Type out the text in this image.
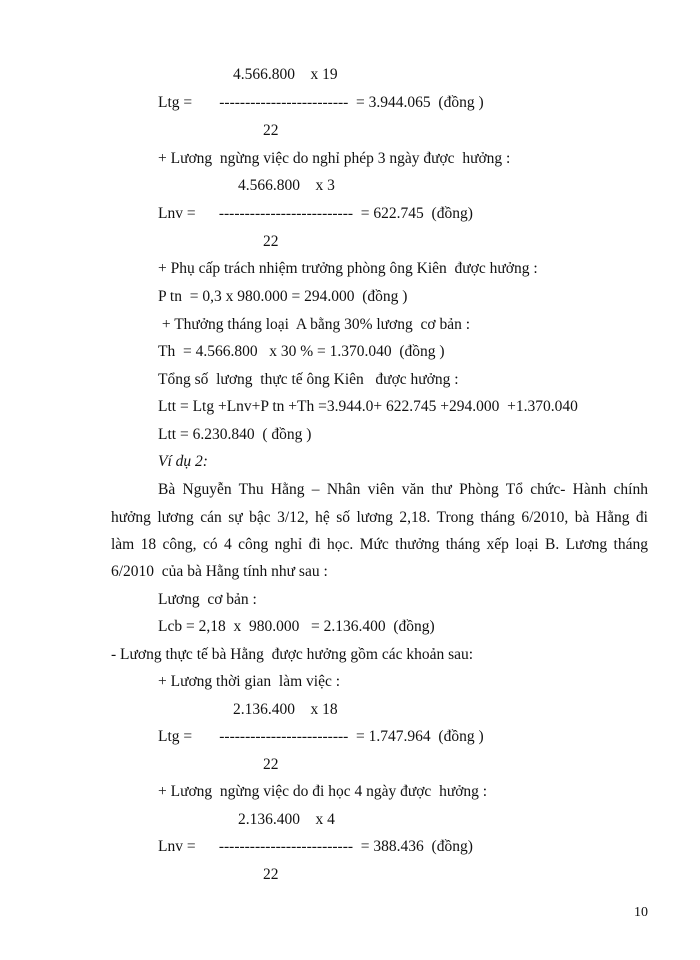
4.566.800    x 19
Ltg =       -------------------------  = 3.944.065  (đồng )
22
+ Lương  ngừng việc do nghỉ phép 3 ngày được  hưởng :
4.566.800    x 3
Lnv =      --------------------------  = 622.745  (đồng)
22
+ Phụ cấp trách nhiệm trưởng phòng ông Kiên  được hưởng :
P tn  = 0,3 x 980.000 = 294.000  (đồng )
+ Thưởng tháng loại  A bằng 30% lương  cơ bản :
Th  = 4.566.800   x 30 % = 1.370.040  (đồng )
Tổng số  lương  thực tế ông Kiên   được hưởng :
Ltt = Ltg +Lnv+P tn +Th =3.944.0+ 622.745 +294.000  +1.370.040
Ltt = 6.230.840  ( đồng )
Ví dụ 2:
Bà Nguyễn Thu Hằng – Nhân viên văn thư Phòng Tổ chức- Hành chính
hưởng lương cán sự bậc 3/12, hệ số lương 2,18. Trong tháng 6/2010, bà Hằng đi
làm 18 công, có 4 công nghỉ đi học. Mức thưởng tháng xếp loại B. Lương tháng
6/2010  của bà Hằng tính như sau :
Lương  cơ bản :
Lcb = 2,18  x  980.000   = 2.136.400  (đồng)
- Lương thực tế bà Hằng  được hưởng gồm các khoản sau:
+ Lương thời gian  làm việc :
2.136.400    x 18
Ltg =       -------------------------  = 1.747.964  (đồng )
22
+ Lương  ngừng việc do đi học 4 ngày được  hưởng :
2.136.400    x 4
Lnv =      --------------------------  = 388.436  (đồng)
22
10
